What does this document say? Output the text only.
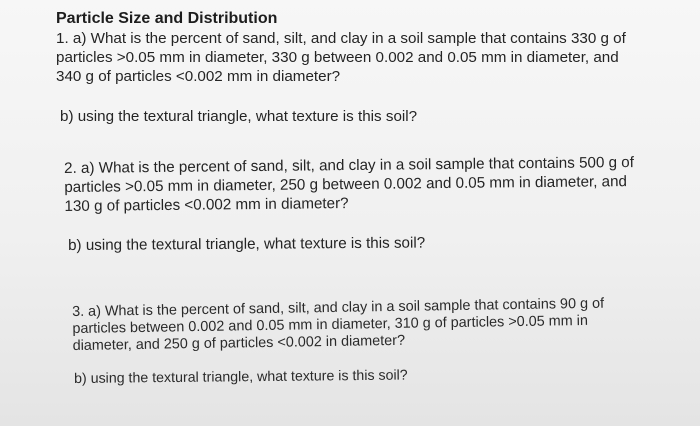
Particle Size and Distribution
1. a) What is the percent of sand, silt, and clay in a soil sample that contains 330 g of
particles >0.05 mm in diameter, 330 g between 0.002 and 0.05 mm in diameter, and
340 g of particles <0.002 mm in diameter?
b) using the textural triangle, what texture is this soil?
2. a) What is the percent of sand, silt, and clay in a soil sample that contains 500 g of
particles >0.05 mm in diameter, 250 g between 0.002 and 0.05 mm in diameter, and
130 g of particles <0.002 mm in diameter?
b) using the textural triangle, what texture is this soil?
3. a) What is the percent of sand, silt, and clay in a soil sample that contains 90 g of
particles between 0.002 and 0.05 mm in diameter, 310 g of particles >0.05 mm in
diameter, and 250 g of particles <0.002 in diameter?
b) using the textural triangle, what texture is this soil?
